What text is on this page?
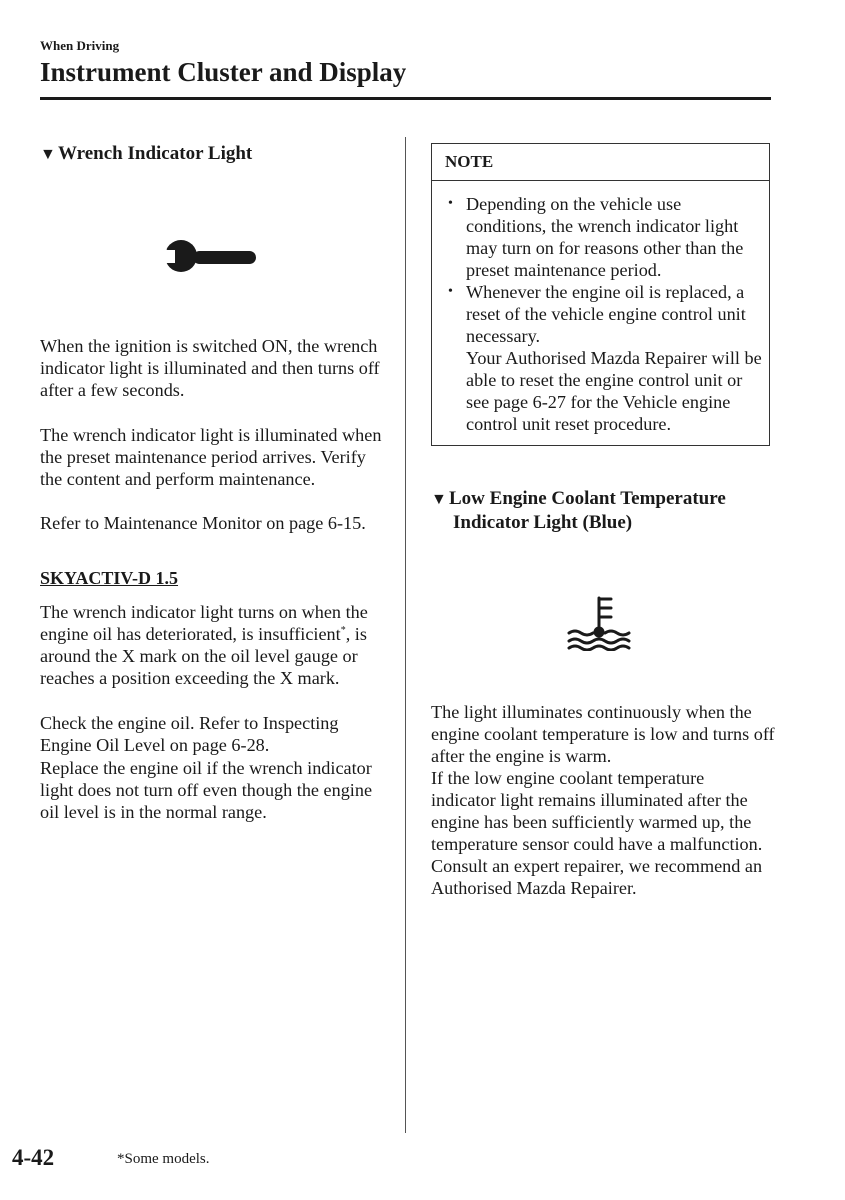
When Driving
Instrument Cluster and Display
▼ Wrench Indicator Light

When the ignition is switched ON, the wrench indicator light is illuminated and then turns off after a few seconds.

The wrench indicator light is illuminated when the preset maintenance period arrives. Verify the content and perform maintenance.

Refer to Maintenance Monitor on page 6-15.

SKYACTIV-D 1.5

The wrench indicator light turns on when the engine oil has deteriorated, is insufficient*, is around the X mark on the oil level gauge or reaches a position exceeding the X mark.

Check the engine oil. Refer to Inspecting Engine Oil Level on page 6-28.

Replace the engine oil if the wrench indicator light does not turn off even though the engine oil level is in the normal range.

NOTE
• Depending on the vehicle use conditions, the wrench indicator light may turn on for reasons other than the preset maintenance period.
• Whenever the engine oil is replaced, a reset of the vehicle engine control unit necessary.
Your Authorised Mazda Repairer will be able to reset the engine control unit or see page 6-27 for the Vehicle engine control unit reset procedure.
▼ Low Engine Coolant Temperature
Indicator Light (Blue)

The light illuminates continuously when the engine coolant temperature is low and turns off after the engine is warm.

If the low engine coolant temperature indicator light remains illuminated after the engine has been sufficiently warmed up, the temperature sensor could have a malfunction. Consult an expert repairer, we recommend an Authorised Mazda Repairer.

4-42	*Some models.
